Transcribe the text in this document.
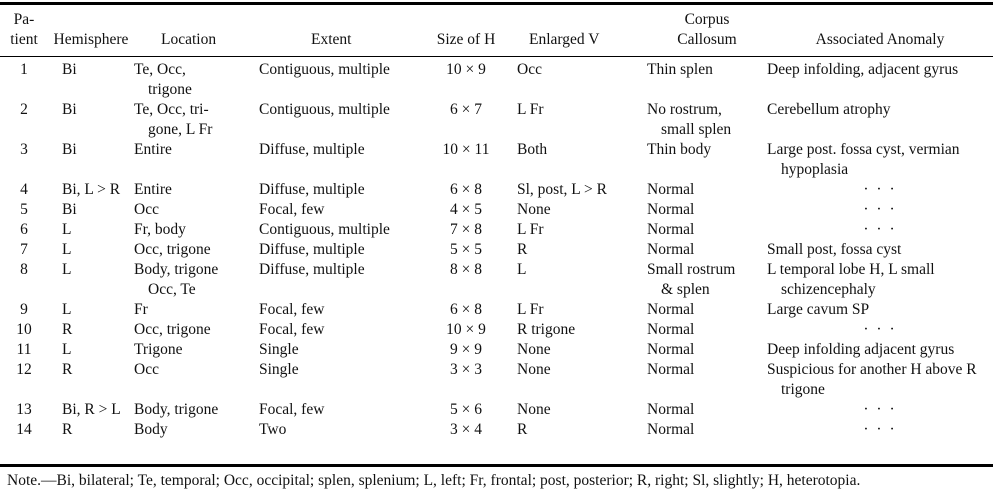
Pa-
tient	Hemisphere	Location	Extent	Size of H	Enlarged V	Corpus
Callosum	Associated Anomaly
1	Bi	Te, Occ,
trigone	Contiguous, multiple	10 × 9	Occ	Thin splen	Deep infolding, adjacent gyrus
2	Bi	Te, Occ, tri-
gone, L Fr	Contiguous, multiple	6 × 7	L Fr	No rostrum,
small splen	Cerebellum atrophy
3	Bi	Entire	Diffuse, multiple	10 × 11	Both	Thin body	Large post. fossa cyst, vermian
hypoplasia
4	Bi, L > R	Entire	Diffuse, multiple	6 × 8	Sl, post, L > R	Normal	· · ·
5	Bi	Occ	Focal, few	4 × 5	None	Normal	· · ·
6	L	Fr, body	Contiguous, multiple	7 × 8	L Fr	Normal	· · ·
7	L	Occ, trigone	Diffuse, multiple	5 × 5	R	Normal	Small post, fossa cyst
8	L	Body, trigone
Occ, Te	Diffuse, multiple	8 × 8	L	Small rostrum
& splen	L temporal lobe H, L small
schizencephaly
9	L	Fr	Focal, few	6 × 8	L Fr	Normal	Large cavum SP
10	R	Occ, trigone	Focal, few	10 × 9	R trigone	Normal	· · ·
11	L	Trigone	Single	9 × 9	None	Normal	Deep infolding adjacent gyrus
12	R	Occ	Single	3 × 3	None	Normal	Suspicious for another H above R
trigone
13	Bi, R > L	Body, trigone	Focal, few	5 × 6	None	Normal	· · ·
14	R	Body	Two	3 × 4	R	Normal	· · ·
Note.—Bi, bilateral; Te, temporal; Occ, occipital; splen, splenium; L, left; Fr, frontal; post, posterior; R, right; Sl, slightly; H, heterotopia.
